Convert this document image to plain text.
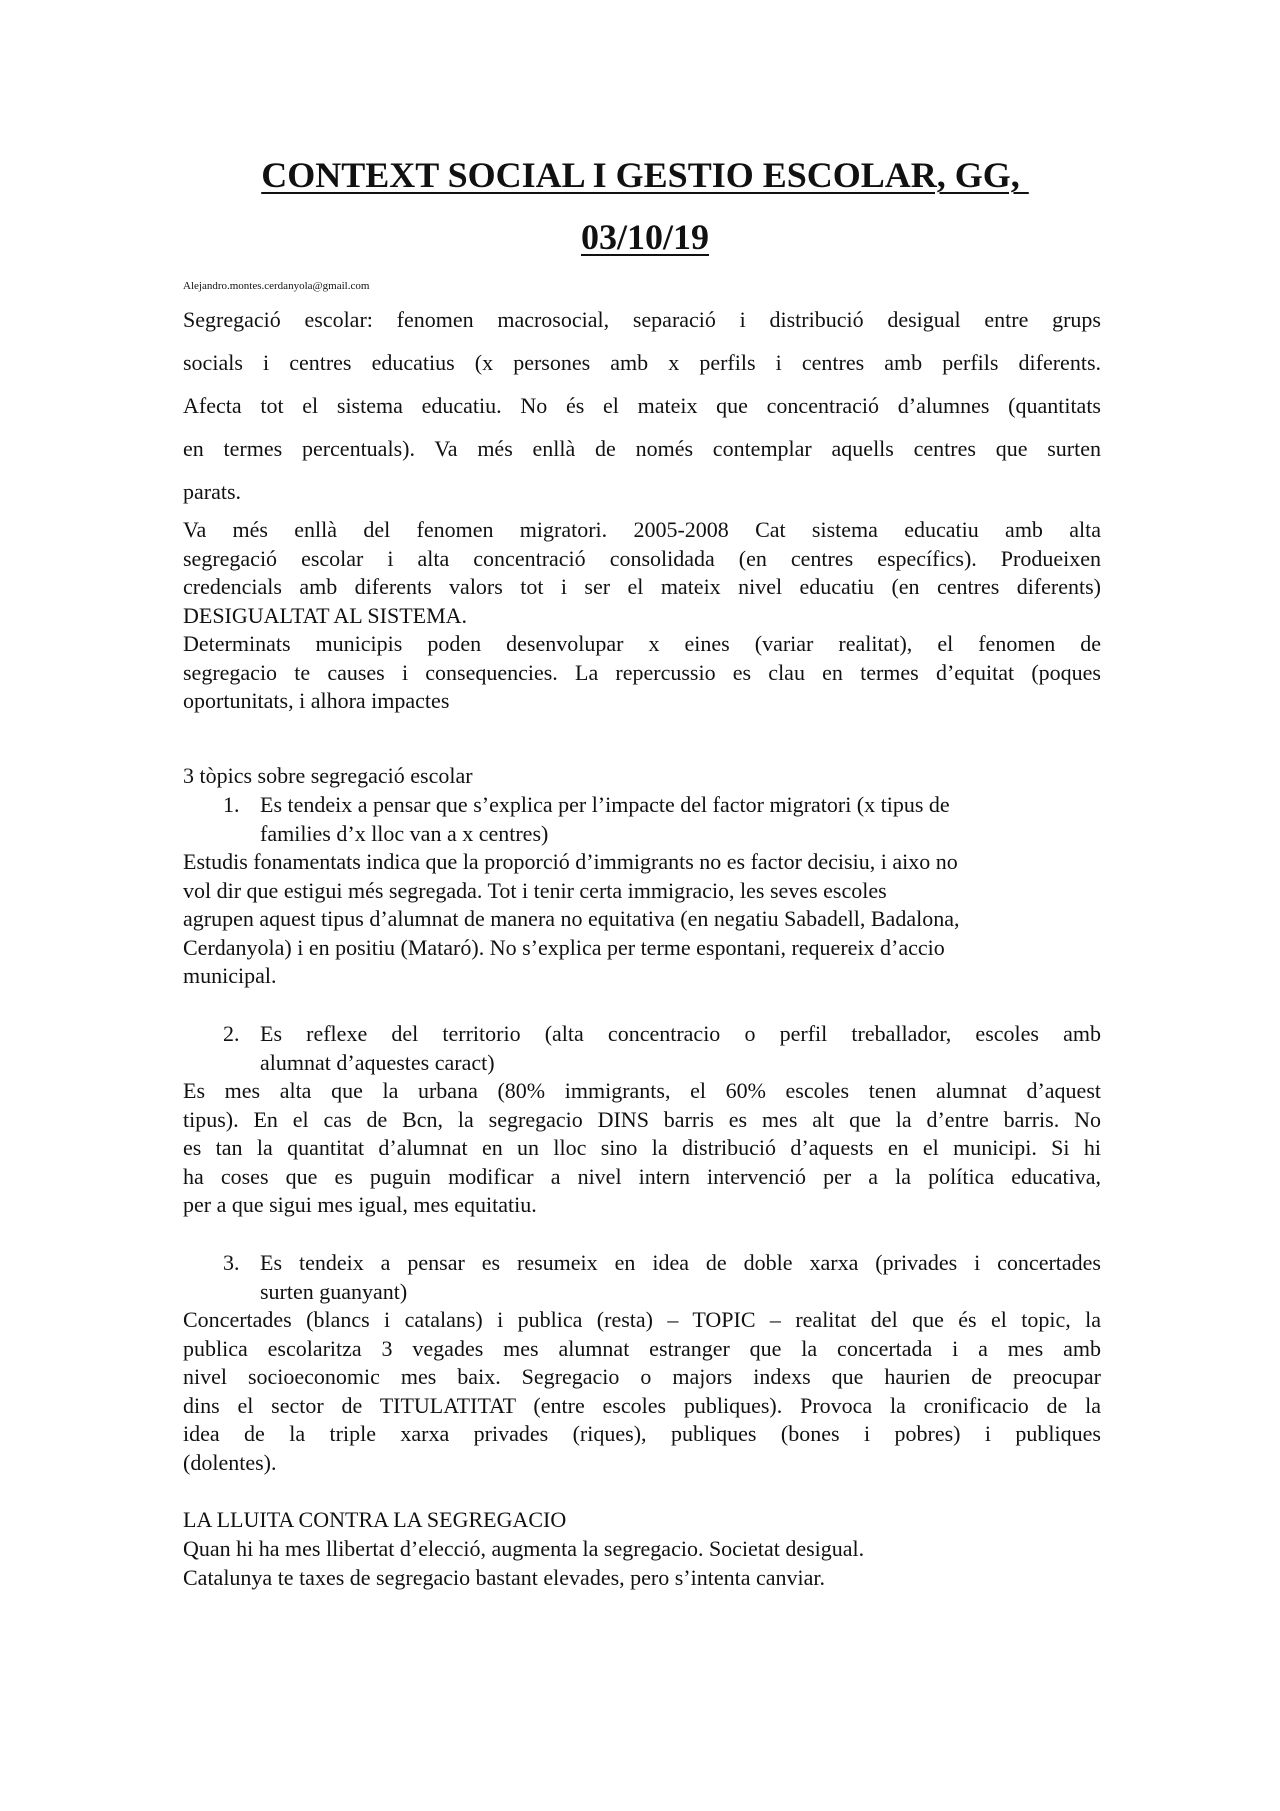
CONTEXT SOCIAL I GESTIO ESCOLAR, GG,
03/10/19
Alejandro.montes.cerdanyola@gmail.com

Segregació escolar: fenomen macrosocial, separació i distribució desigual entre grups

socials i centres educatius (x persones amb x perfils i centres amb perfils diferents.

Afecta tot el sistema educatiu. No és el mateix que concentració d’alumnes (quantitats

en termes percentuals). Va més enllà de només contemplar aquells centres que surten

parats.

Va més enllà del fenomen migratori. 2005-2008 Cat sistema educatiu amb alta

segregació escolar i alta concentració consolidada (en centres específics). Produeixen

credencials amb diferents valors tot i ser el mateix nivel educatiu (en centres diferents)

DESIGUALTAT AL SISTEMA.

Determinats municipis poden desenvolupar x eines (variar realitat), el fenomen de

segregacio te causes i consequencies. La repercussio es clau en termes d’equitat (poques

oportunitats, i alhora impactes

3 tòpics sobre segregació escolar
1. Es tendeix a pensar que s’explica per l’impacte del factor migratori (x tipus de

families d’x lloc van a x centres)

Estudis fonamentats indica que la proporció d’immigrants no es factor decisiu, i aixo no

vol dir que estigui més segregada. Tot i tenir certa immigracio, les seves escoles

agrupen aquest tipus d’alumnat de manera no equitativa (en negatiu Sabadell, Badalona,

Cerdanyola) i en positiu (Mataró). No s’explica per terme espontani, requereix d’accio

municipal.

2. Es reflexe del territorio (alta concentracio o perfil treballador, escoles amb

alumnat d’aquestes caract)

Es mes alta que la urbana (80% immigrants, el 60% escoles tenen alumnat d’aquest

tipus). En el cas de Bcn, la segregacio DINS barris es mes alt que la d’entre barris. No

es tan la quantitat d’alumnat en un lloc sino la distribució d’aquests en el municipi. Si hi

ha coses que es puguin modificar a nivel intern intervenció per a la política educativa,

per a que sigui mes igual, mes equitatiu.

3. Es tendeix a pensar es resumeix en idea de doble xarxa (privades i concertades

surten guanyant)

Concertades (blancs i catalans) i publica (resta) – TOPIC – realitat del que és el topic, la

publica escolaritza 3 vegades mes alumnat estranger que la concertada i a mes amb

nivel socioeconomic mes baix. Segregacio o majors indexs que haurien de preocupar

dins el sector de TITULATITAT (entre escoles publiques). Provoca la cronificacio de la

idea de la triple xarxa privades (riques), publiques (bones i pobres) i publiques

(dolentes).

LA LLUITA CONTRA LA SEGREGACIO

Quan hi ha mes llibertat d’elecció, augmenta la segregacio. Societat desigual.

Catalunya te taxes de segregacio bastant elevades, pero s’intenta canviar.
